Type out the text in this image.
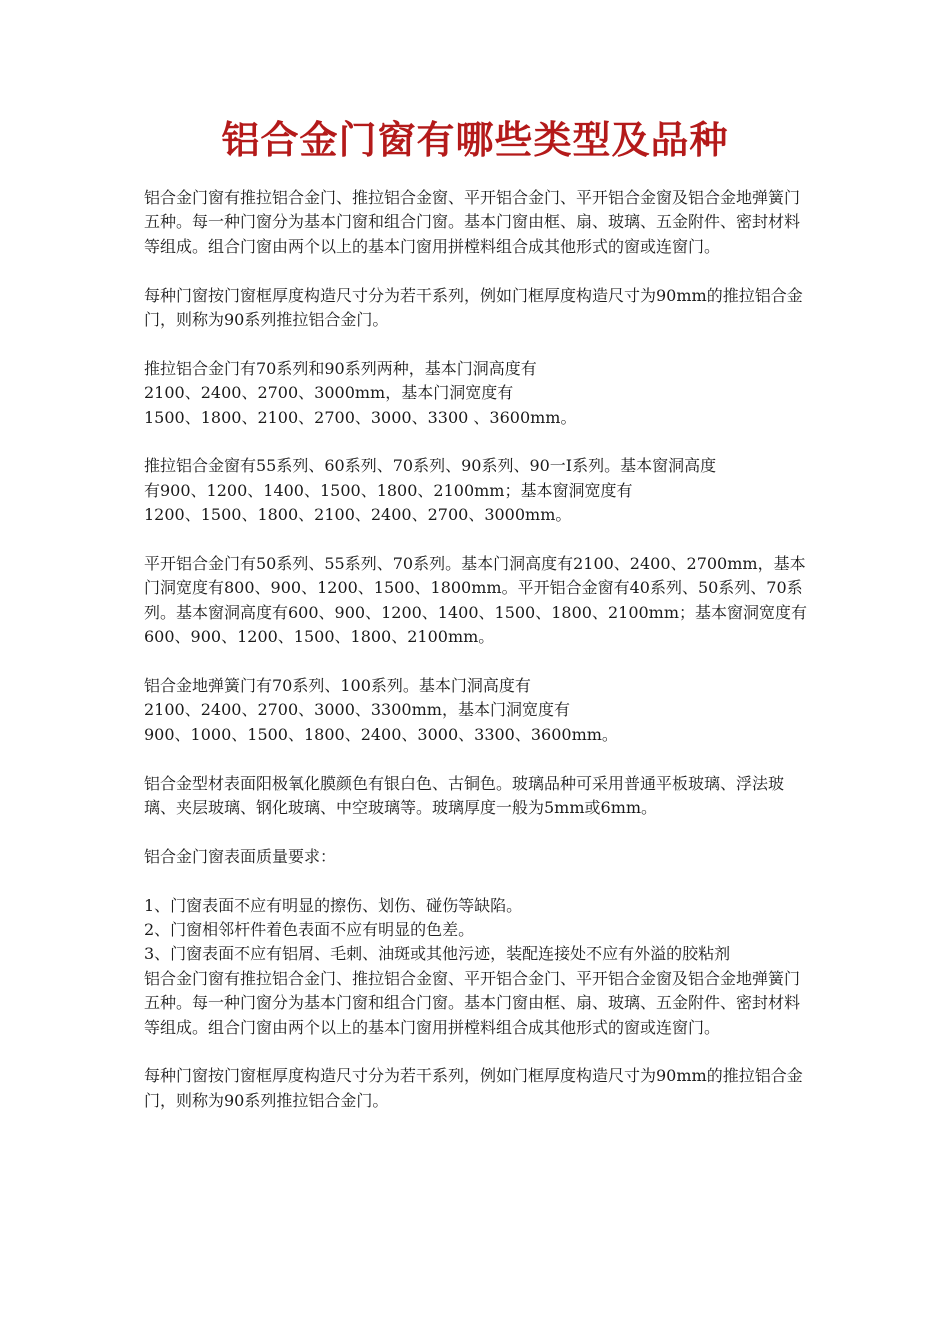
铝合金门窗有哪些类型及品种

铝合金门窗有推拉铝合金门、推拉铝合金窗、平开铝合金门、平开铝合金窗及铝合金地弹簧门五种。每一种门窗分为基本门窗和组合门窗。基本门窗由框、扇、玻璃、五金附件、密封材料等组成。组合门窗由两个以上的基本门窗用拼樘料组合成其他形式的窗或连窗门。

每种门窗按门窗框厚度构造尺寸分为若干系列，例如门框厚度构造尺寸为90mm的推拉铝合金门，则称为90系列推拉铝合金门。

推拉铝合金门有70系列和90系列两种，基本门洞高度有
2100、2400、2700、3000mm，基本门洞宽度有
1500、1800、2100、2700、3000、3300 、3600mm。

推拉铝合金窗有55系列、60系列、70系列、90系列、90一Ⅰ系列。基本窗洞高度
有900、1200、1400、1500、1800、2100mm；基本窗洞宽度有
1200、1500、1800、2100、2400、2700、3000mm。

平开铝合金门有50系列、55系列、70系列。基本门洞高度有2100、2400、2700mm，基本门洞宽度有800、900、1200、1500、1800mm。平开铝合金窗有40系列、50系列、70系列。基本窗洞高度有600、900、1200、1400、1500、1800、2100mm；基本窗洞宽度有600、900、1200、1500、1800、2100mm。

铝合金地弹簧门有70系列、100系列。基本门洞高度有
2100、2400、2700、3000、3300mm，基本门洞宽度有
900、1000、1500、1800、2400、3000、3300、3600mm。

铝合金型材表面阳极氧化膜颜色有银白色、古铜色。玻璃品种可采用普通平板玻璃、浮法玻璃、夹层玻璃、钢化玻璃、中空玻璃等。玻璃厚度一般为5mm或6mm。

铝合金门窗表面质量要求：

1、门窗表面不应有明显的擦伤、划伤、碰伤等缺陷。

2、门窗相邻杆件着色表面不应有明显的色差。

3、门窗表面不应有铝屑、毛刺、油斑或其他污迹，装配连接处不应有外溢的胶粘剂

铝合金门窗有推拉铝合金门、推拉铝合金窗、平开铝合金门、平开铝合金窗及铝合金地弹簧门五种。每一种门窗分为基本门窗和组合门窗。基本门窗由框、扇、玻璃、五金附件、密封材料等组成。组合门窗由两个以上的基本门窗用拼樘料组合成其他形式的窗或连窗门。

每种门窗按门窗框厚度构造尺寸分为若干系列，例如门框厚度构造尺寸为90mm的推拉铝合金门，则称为90系列推拉铝合金门。
